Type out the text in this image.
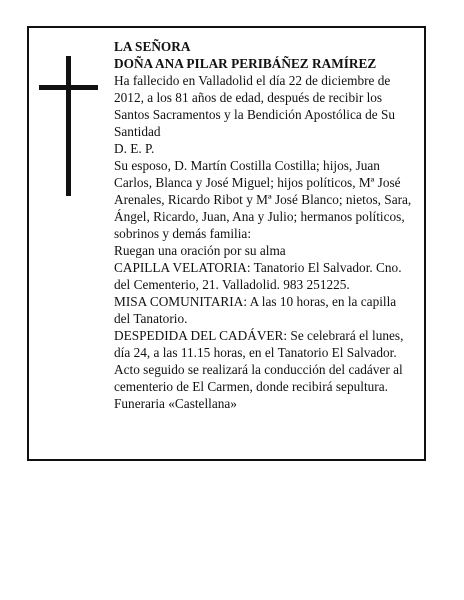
LA SEÑORA

DOÑA ANA PILAR PERIBÁÑEZ RAMÍREZ

Ha fallecido en Valladolid el día 22 de diciembre de 2012, a los 81 años de edad, después de recibir los Santos Sacramentos y la Bendición Apostólica de Su Santidad

D. E. P.

Su esposo, D. Martín Costilla Costilla; hijos, Juan Carlos, Blanca y José Miguel; hijos políticos, Mª José Arenales, Ricardo Ribot y Mª José Blanco; nietos, Sara, Ángel, Ricardo, Juan, Ana y Julio; hermanos políticos, sobrinos y demás familia:

Ruegan una oración por su alma

CAPILLA VELATORIA: Tanatorio El Salvador. Cno. del Cementerio, 21. Valladolid. 983 251225.

MISA COMUNITARIA: A las 10 horas, en la capilla del Tanatorio.

DESPEDIDA DEL CADÁVER: Se celebrará el lunes, día 24, a las 11.15 horas, en el Tanatorio El Salvador. Acto seguido se realizará la conducción del cadáver al cementerio de El Carmen, donde recibirá sepultura.

Funeraria «Castellana»
